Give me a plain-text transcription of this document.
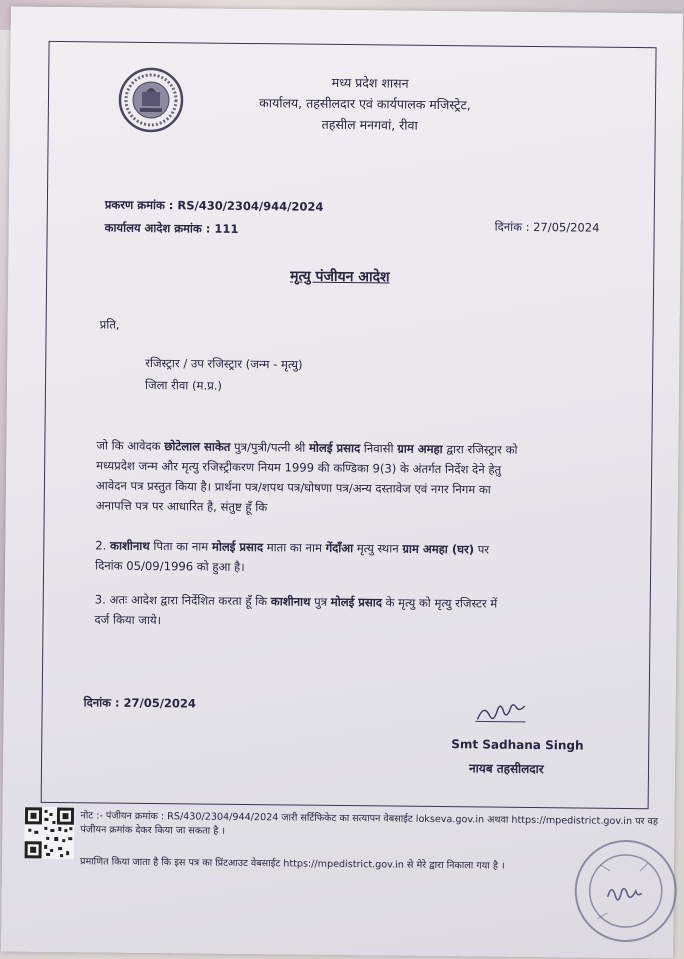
मध्य प्रदेश शासन
कार्यालय, तहसीलदार एवं कार्यपालक मजिस्ट्रेट,
तहसील मनगवां, रीवा
प्रकरण क्रमांक : RS/430/2304/944/2024
कार्यालय आदेश क्रमांक : 111	दिनांक : 27/05/2024
मृत्यु पंजीयन आदेश
प्रति,
रजिस्ट्रार / उप रजिस्ट्रार (जन्म - मृत्यु)
जिला रीवा (म.प्र.)
जो कि आवेदक छोटेलाल साकेत पुत्र/पुत्री/पत्नी श्री मोलई प्रसाद निवासी ग्राम अमहा द्वारा रजिस्ट्रार को
मध्यप्रदेश जन्म और मृत्यु रजिस्ट्रीकरण नियम 1999 की कण्डिका 9(3) के अंतर्गत निर्देश देने हेतु
आवेदन पत्र प्रस्तुत किया है। प्रार्थना पत्र/शपथ पत्र/घोषणा पत्र/अन्य दस्तावेज एवं नगर निगम का
अनापत्ति पत्र पर आधारित है, संतुष्ट हूँ कि
2. काशीनाथ पिता का नाम मोलई प्रसाद माता का नाम गेंदाँआ मृत्यु स्थान ग्राम अमहा (घर) पर
दिनांक 05/09/1996 को हुआ है।
3. अतः आदेश द्वारा निर्देशित करता हूँ कि काशीनाथ पुत्र मोलई प्रसाद के मृत्यु को मृत्यु रजिस्टर में
दर्ज किया जाये।
दिनांक : 27/05/2024
Smt Sadhana Singh
नायब तहसीलदार
नोट :- पंजीयन क्रमांक : RS/430/2304/944/2024 जारी सर्टिफिकेट का सत्यापन वेबसाईट lokseva.gov.in अथवा https://mpedistrict.gov.in पर वह
पंजीयन क्रमांक देकर किया जा सकता है ।
प्रमाणित किया जाता है कि इस पत्र का प्रिंटआउट वेबसाईट https://mpedistrict.gov.in से मेरे द्वारा निकाला गया है ।
